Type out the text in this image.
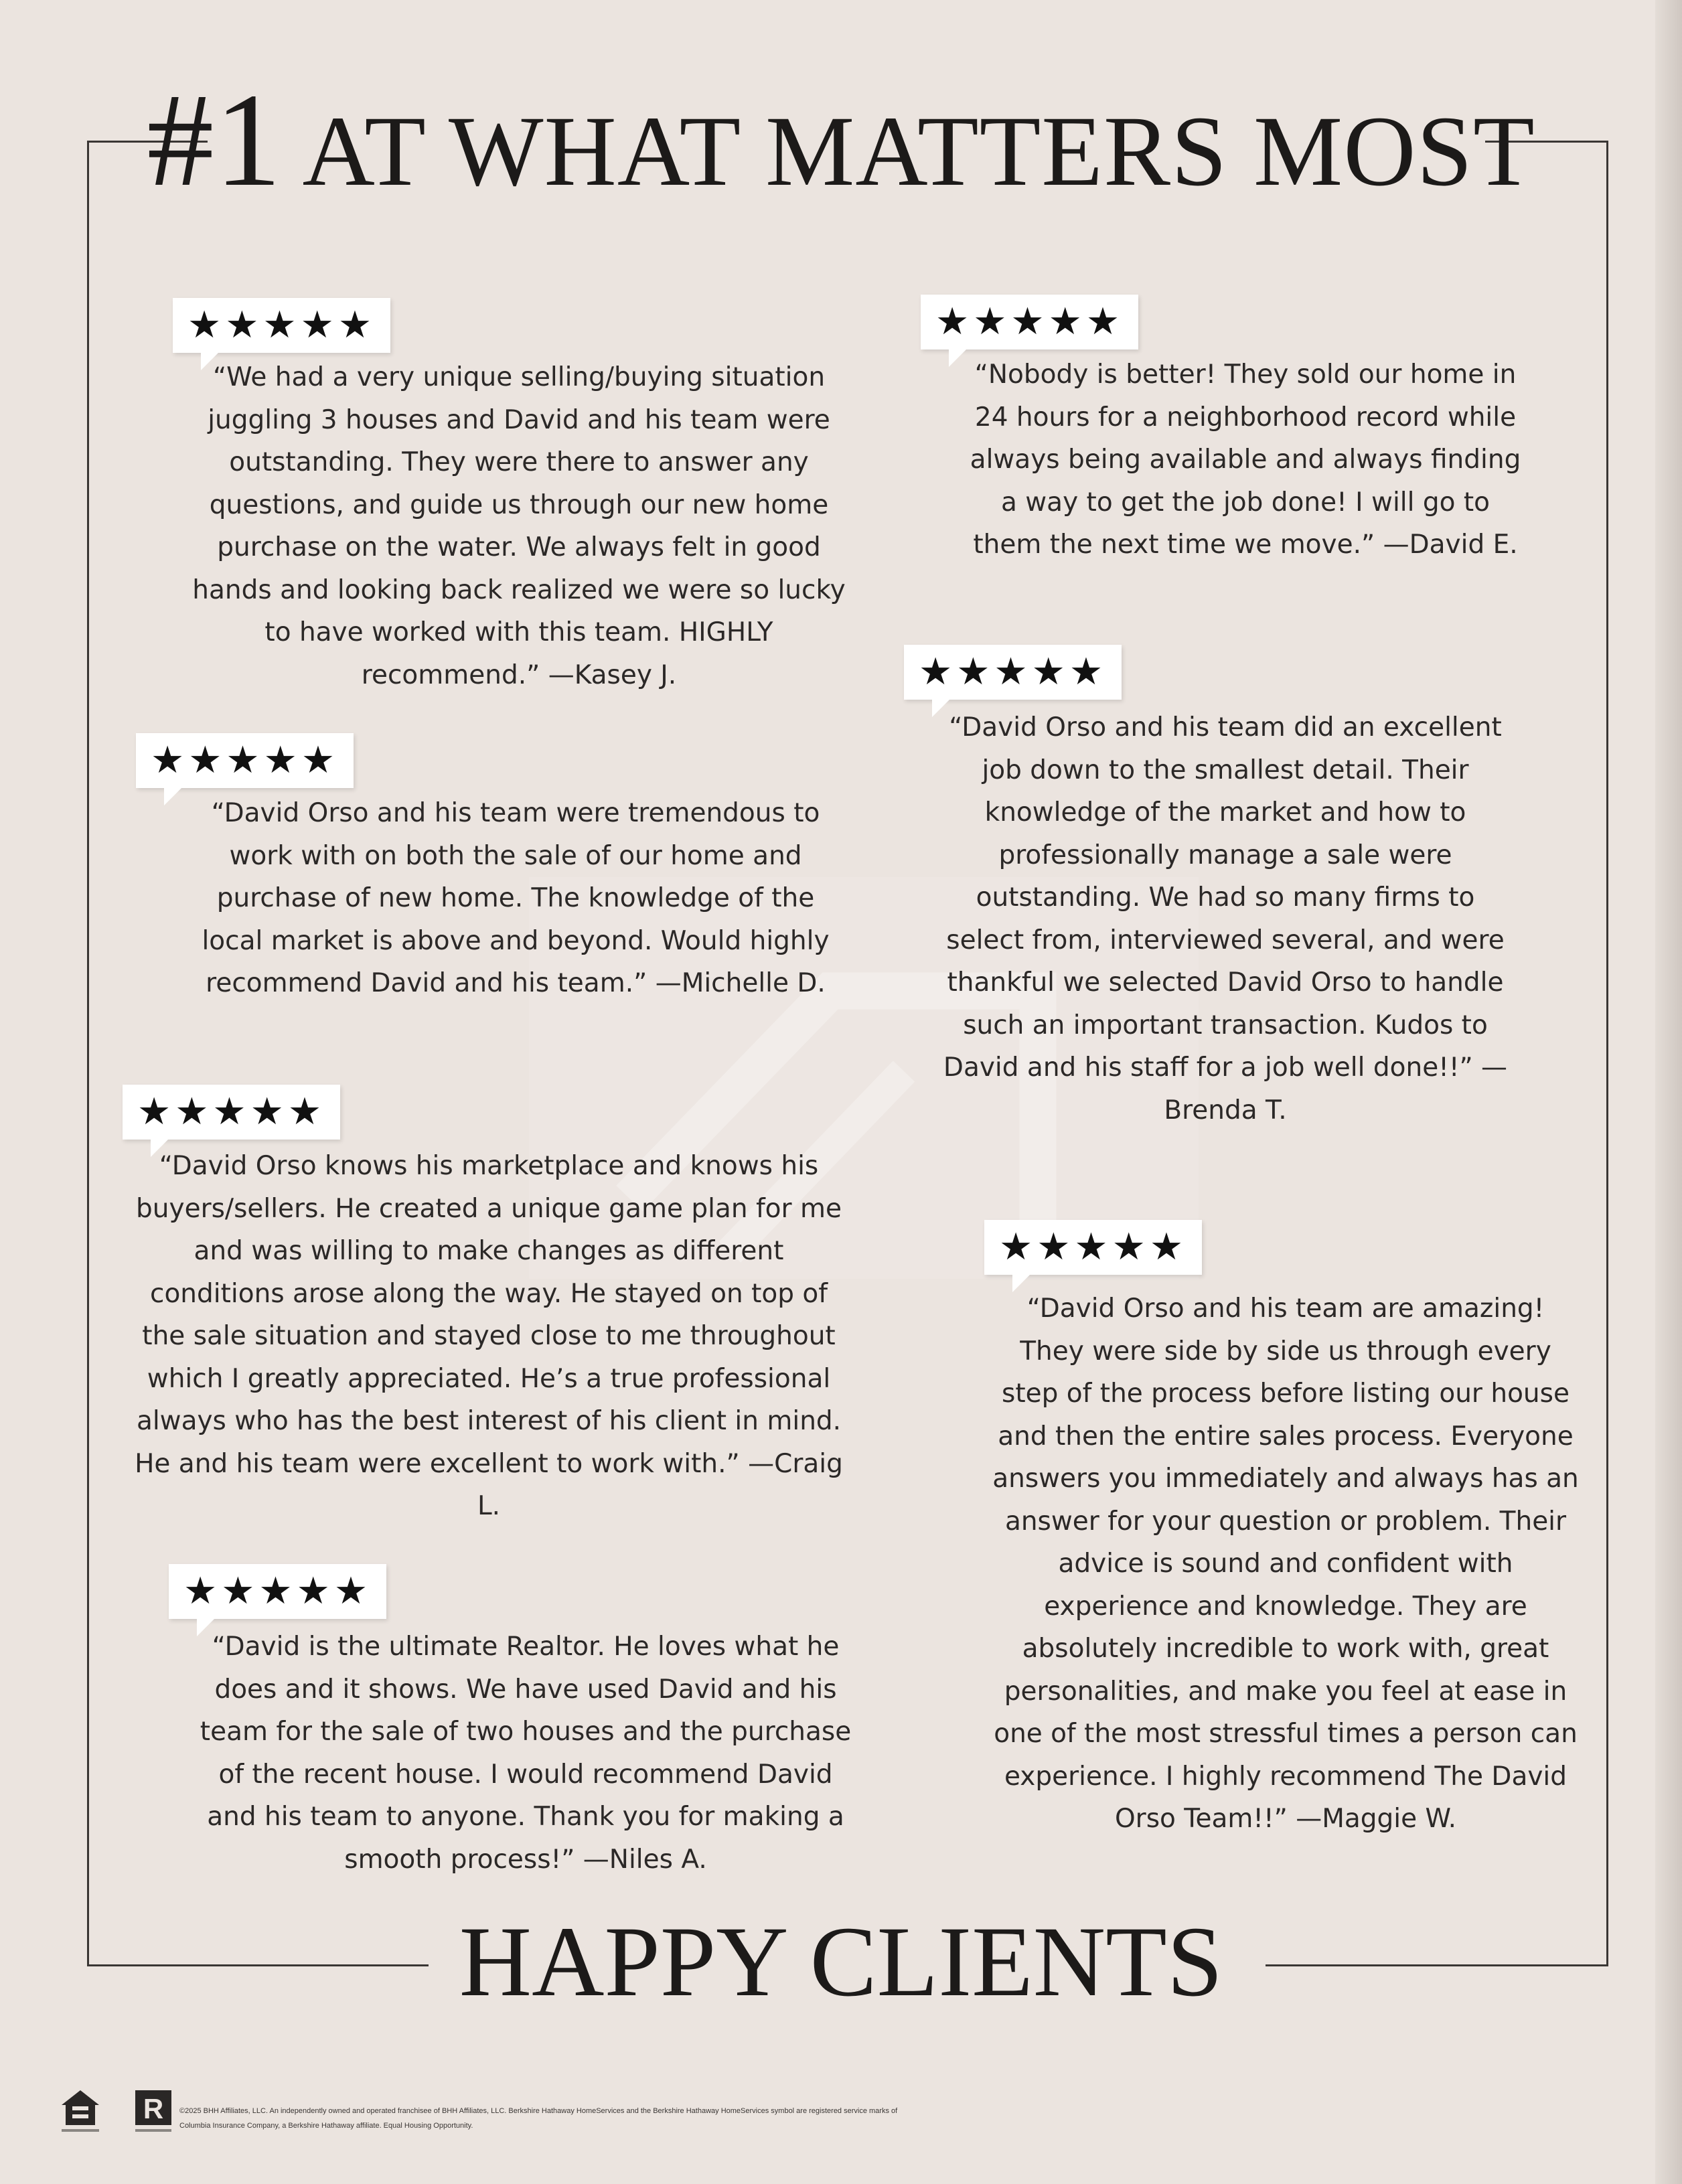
#1 AT WHAT MATTERS MOST
★★★★★
“We had a very unique selling/buying situation juggling 3 houses and David and his team were outstanding. They were there to answer any questions, and guide us through our new home purchase on the water. We always felt in good hands and looking back realized we were so lucky to have worked with this team. HIGHLY recommend.” —Kasey J.
★★★★★
“Nobody is better! They sold our home in 24 hours for a neighborhood record while always being available and always finding a way to get the job done! I will go to them the next time we move.” —David E.
★★★★★
“David Orso and his team were tremendous to work with on both the sale of our home and purchase of new home. The knowledge of the local market is above and beyond. Would highly recommend David and his team.” —Michelle D.
★★★★★
“David Orso and his team did an excellent job down to the smallest detail. Their knowledge of the market and how to professionally manage a sale were outstanding. We had so many firms to select from, interviewed several, and were thankful we selected David Orso to handle such an important transaction. Kudos to David and his staff for a job well done!!” —Brenda T.
★★★★★
“David Orso knows his marketplace and knows his buyers/sellers. He created a unique game plan for me and was willing to make changes as different conditions arose along the way. He stayed on top of the sale situation and stayed close to me throughout which I greatly appreciated. He’s a true professional always who has the best interest of his client in mind. He and his team were excellent to work with.” —Craig L.
★★★★★
“David Orso and his team are amazing! They were side by side us through every step of the process before listing our house and then the entire sales process. Everyone answers you immediately and always has an answer for your question or problem. Their advice is sound and confident with experience and knowledge. They are absolutely incredible to work with, great personalities, and make you feel at ease in one of the most stressful times a person can experience. I highly recommend The David Orso Team!!” —Maggie W.
★★★★★
“David is the ultimate Realtor. He loves what he does and it shows. We have used David and his team for the sale of two houses and the purchase of the recent house. I would recommend David and his team to anyone. Thank you for making a smooth process!” —Niles A.
HAPPY CLIENTS
R ©2025 BHH Affiliates, LLC. An independently owned and operated franchisee of BHH Affiliates, LLC. Berkshire Hathaway HomeServices and the Berkshire Hathaway HomeServices symbol are registered service marks of Columbia Insurance Company, a Berkshire Hathaway affiliate. Equal Housing Opportunity.
